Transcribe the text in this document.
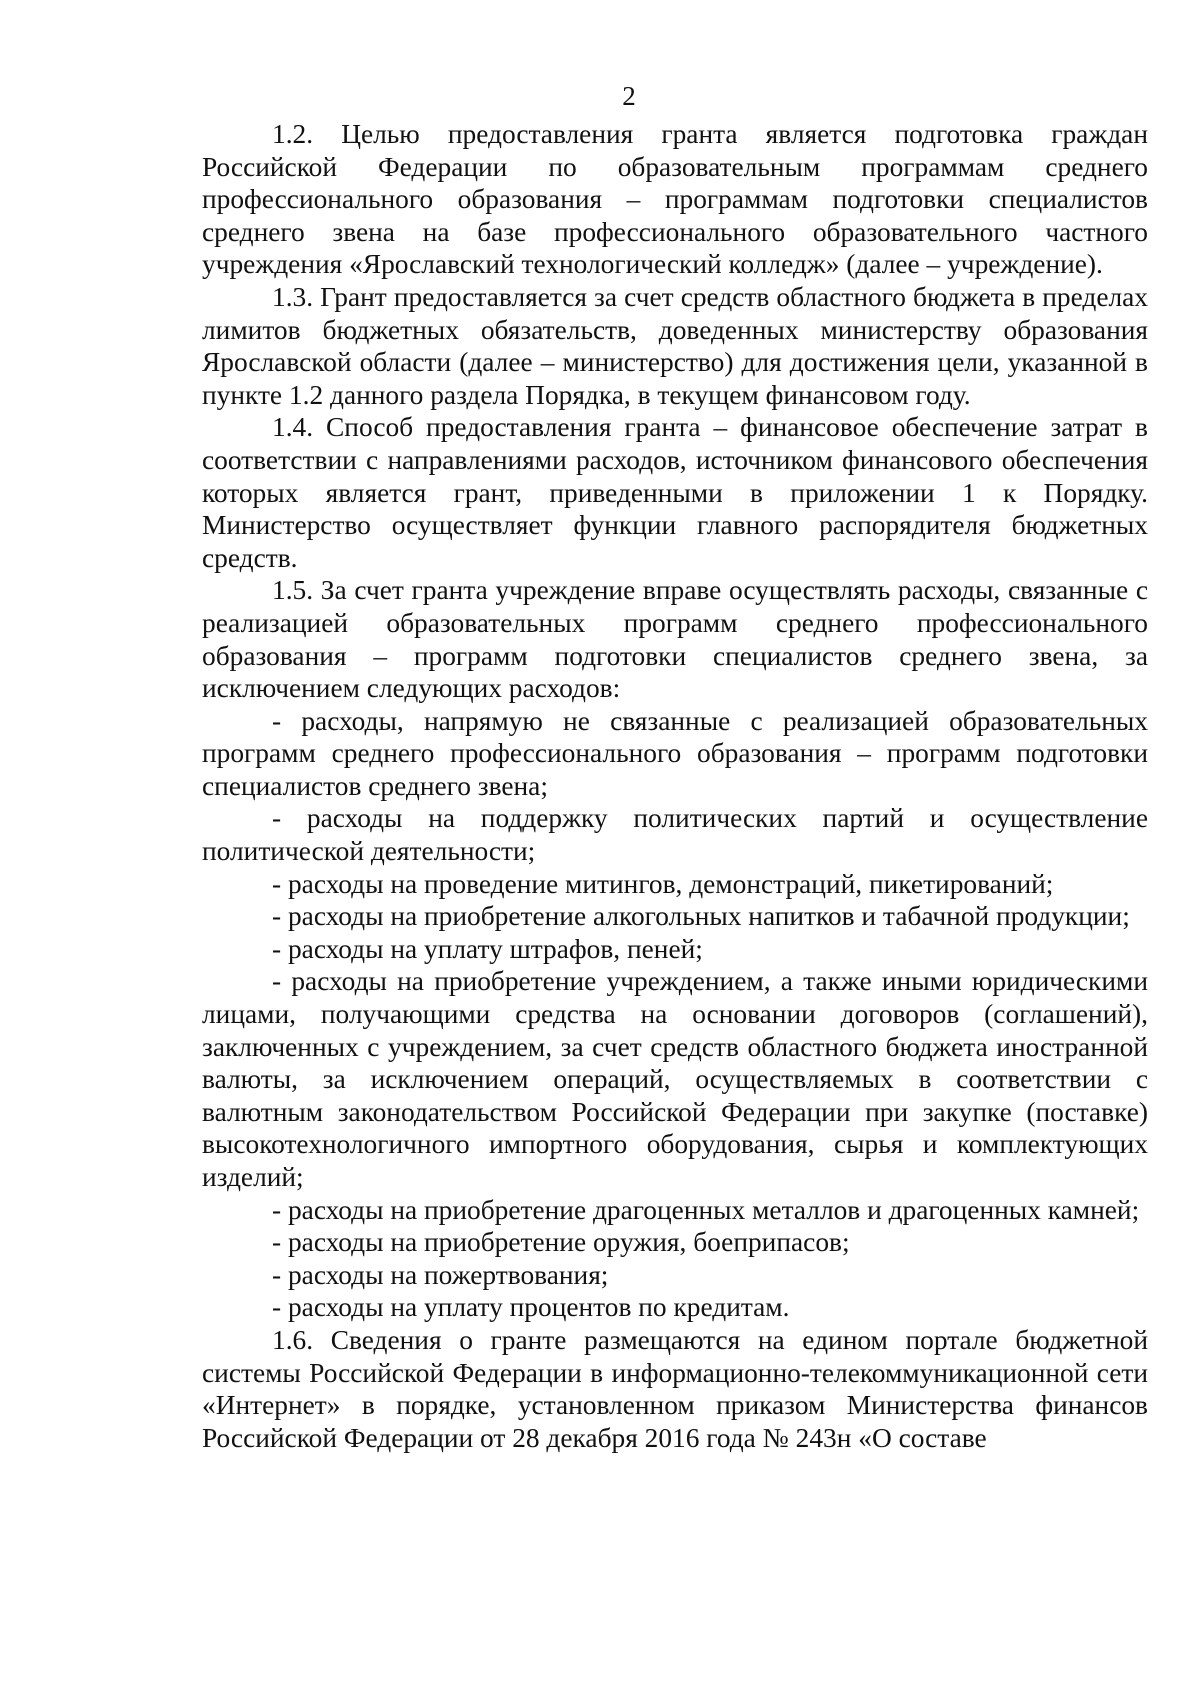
2

1.2. Целью предоставления гранта является подготовка граждан Российской Федерации по образовательным программам среднего профессионального образования – программам подготовки специалистов среднего звена на базе профессионального образовательного частного учреждения «Ярославский технологический колледж» (далее – учреждение).

1.3. Грант предоставляется за счет средств областного бюджета в пределах лимитов бюджетных обязательств, доведенных министерству образования Ярославской области (далее – министерство) для достижения цели, указанной в пункте 1.2 данного раздела Порядка, в текущем финансовом году.

1.4. Способ предоставления гранта – финансовое обеспечение затрат в соответствии с направлениями расходов, источником финансового обеспечения которых является грант, приведенными в приложении 1 к Порядку. Министерство осуществляет функции главного распорядителя бюджетных средств.

1.5. За счет гранта учреждение вправе осуществлять расходы, связанные с реализацией образовательных программ среднего профессионального образования – программ подготовки специалистов среднего звена, за исключением следующих расходов:

- расходы, напрямую не связанные с реализацией образовательных программ среднего профессионального образования – программ подготовки специалистов среднего звена;

- расходы на поддержку политических партий и осуществление политической деятельности;

- расходы на проведение митингов, демонстраций, пикетирований;

- расходы на приобретение алкогольных напитков и табачной продукции;

- расходы на уплату штрафов, пеней;

- расходы на приобретение учреждением, а также иными юридическими лицами, получающими средства на основании договоров (соглашений), заключенных с учреждением, за счет средств областного бюджета иностранной валюты, за исключением операций, осуществляемых в соответствии с валютным законодательством Российской Федерации при закупке (поставке) высокотехнологичного импортного оборудования, сырья и комплектующих изделий;

- расходы на приобретение драгоценных металлов и драгоценных камней;

- расходы на приобретение оружия, боеприпасов;

- расходы на пожертвования;

- расходы на уплату процентов по кредитам.

1.6. Сведения о гранте размещаются на едином портале бюджетной системы Российской Федерации в информационно-телекоммуникационной сети «Интернет» в порядке, установленном приказом Министерства финансов Российской Федерации от 28 декабря 2016 года № 243н «О составе
